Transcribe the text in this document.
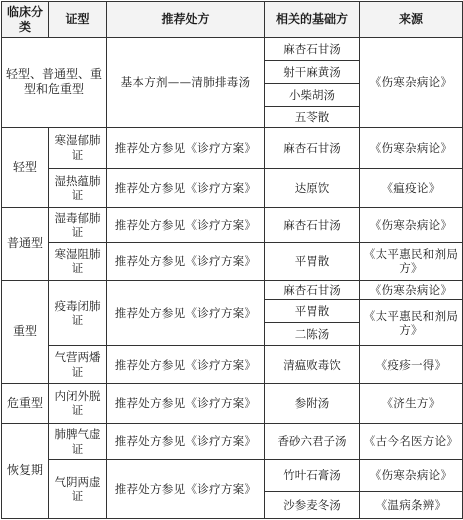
临床分类	证型	推荐处方	相关的基础方	来源
轻型、普通型、重型和危重型		基本方剂——清肺排毒汤	麻杏石甘汤	《伤寒杂病论》
			射干麻黄汤	
			小柴胡汤	
			五苓散	
轻型	寒湿郁肺证	推荐处方参见《诊疗方案》	麻杏石甘汤	《伤寒杂病论》
	湿热蕴肺证	推荐处方参见《诊疗方案》	达原饮	《瘟疫论》
普通型	湿毒郁肺证	推荐处方参见《诊疗方案》	麻杏石甘汤	《伤寒杂病论》
	寒湿阻肺证	推荐处方参见《诊疗方案》	平胃散	《太平惠民和剂局方》
重型	疫毒闭肺证	推荐处方参见《诊疗方案》	麻杏石甘汤	《伤寒杂病论》
			平胃散	《太平惠民和剂局方》
			二陈汤	
	气营两燔证	推荐处方参见《诊疗方案》	清瘟败毒饮	《疫疹一得》
危重型	内闭外脱证	推荐处方参见《诊疗方案》	参附汤	《济生方》
恢复期	肺脾气虚证	推荐处方参见《诊疗方案》	香砂六君子汤	《古今名医方论》
	气阴两虚证	推荐处方参见《诊疗方案》	竹叶石膏汤	《伤寒杂病论》
			沙参麦冬汤	《温病条辨》
